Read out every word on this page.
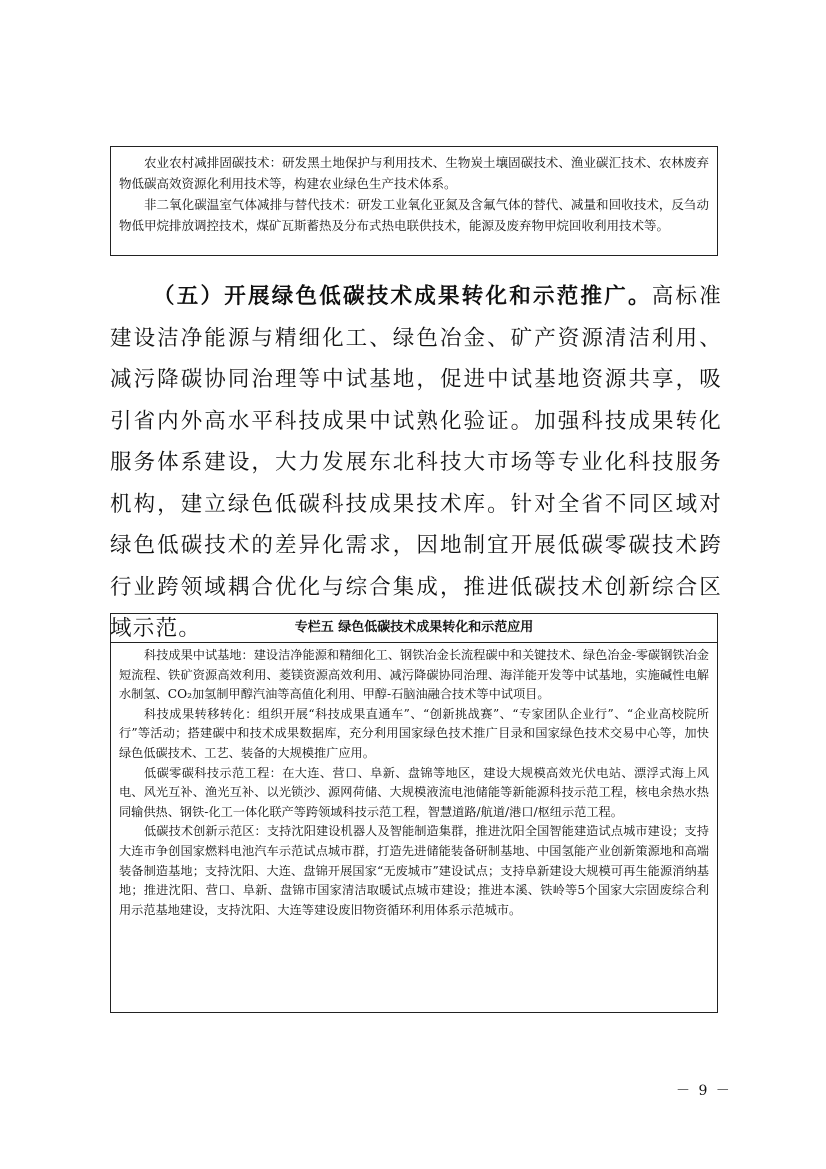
农业农村减排固碳技术：研发黑土地保护与利用技术、生物炭土壤固碳技术、渔业碳汇技术、农林废弃物低碳高效资源化利用技术等，构建农业绿色生产技术体系。

非二氧化碳温室气体减排与替代技术：研发工业氧化亚氮及含氟气体的替代、减量和回收技术，反刍动物低甲烷排放调控技术，煤矿瓦斯蓄热及分布式热电联供技术，能源及废弃物甲烷回收利用技术等。

（五）开展绿色低碳技术成果转化和示范推广。高标准建设洁净能源与精细化工、绿色冶金、矿产资源清洁利用、减污降碳协同治理等中试基地，促进中试基地资源共享，吸引省内外高水平科技成果中试熟化验证。加强科技成果转化服务体系建设，大力发展东北科技大市场等专业化科技服务机构，建立绿色低碳科技成果技术库。针对全省不同区域对绿色低碳技术的差异化需求，因地制宜开展低碳零碳技术跨行业跨领域耦合优化与综合集成，推进低碳技术创新综合区域示范。	专栏五 绿色低碳技术成果转化和示范应用

科技成果中试基地：建设洁净能源和精细化工、钢铁冶金长流程碳中和关键技术、绿色冶金-零碳钢铁冶金短流程、铁矿资源高效利用、菱镁资源高效利用、减污降碳协同治理、海洋能开发等中试基地，实施碱性电解水制氢、CO₂加氢制甲醇汽油等高值化利用、甲醇-石脑油融合技术等中试项目。

科技成果转移转化：组织开展“科技成果直通车”、“创新挑战赛”、“专家团队企业行”、“企业高校院所行”等活动；搭建碳中和技术成果数据库，充分利用国家绿色技术推广目录和国家绿色技术交易中心等，加快绿色低碳技术、工艺、装备的大规模推广应用。

低碳零碳科技示范工程：在大连、营口、阜新、盘锦等地区，建设大规模高效光伏电站、漂浮式海上风电、风光互补、渔光互补、以光锁沙、源网荷储、大规模液流电池储能等新能源科技示范工程，核电余热水热同输供热、钢铁-化工一体化联产等跨领域科技示范工程，智慧道路/航道/港口/枢纽示范工程。

低碳技术创新示范区：支持沈阳建设机器人及智能制造集群，推进沈阳全国智能建造试点城市建设；支持大连市争创国家燃料电池汽车示范试点城市群，打造先进储能装备研制基地、中国氢能产业创新策源地和高端装备制造基地；支持沈阳、大连、盘锦开展国家“无废城市”建设试点；支持阜新建设大规模可再生能源消纳基地；推进沈阳、营口、阜新、盘锦市国家清洁取暖试点城市建设；推进本溪、铁岭等5个国家大宗固废综合利用示范基地建设，支持沈阳、大连等建设废旧物资循环利用体系示范城市。

－ 9 －
